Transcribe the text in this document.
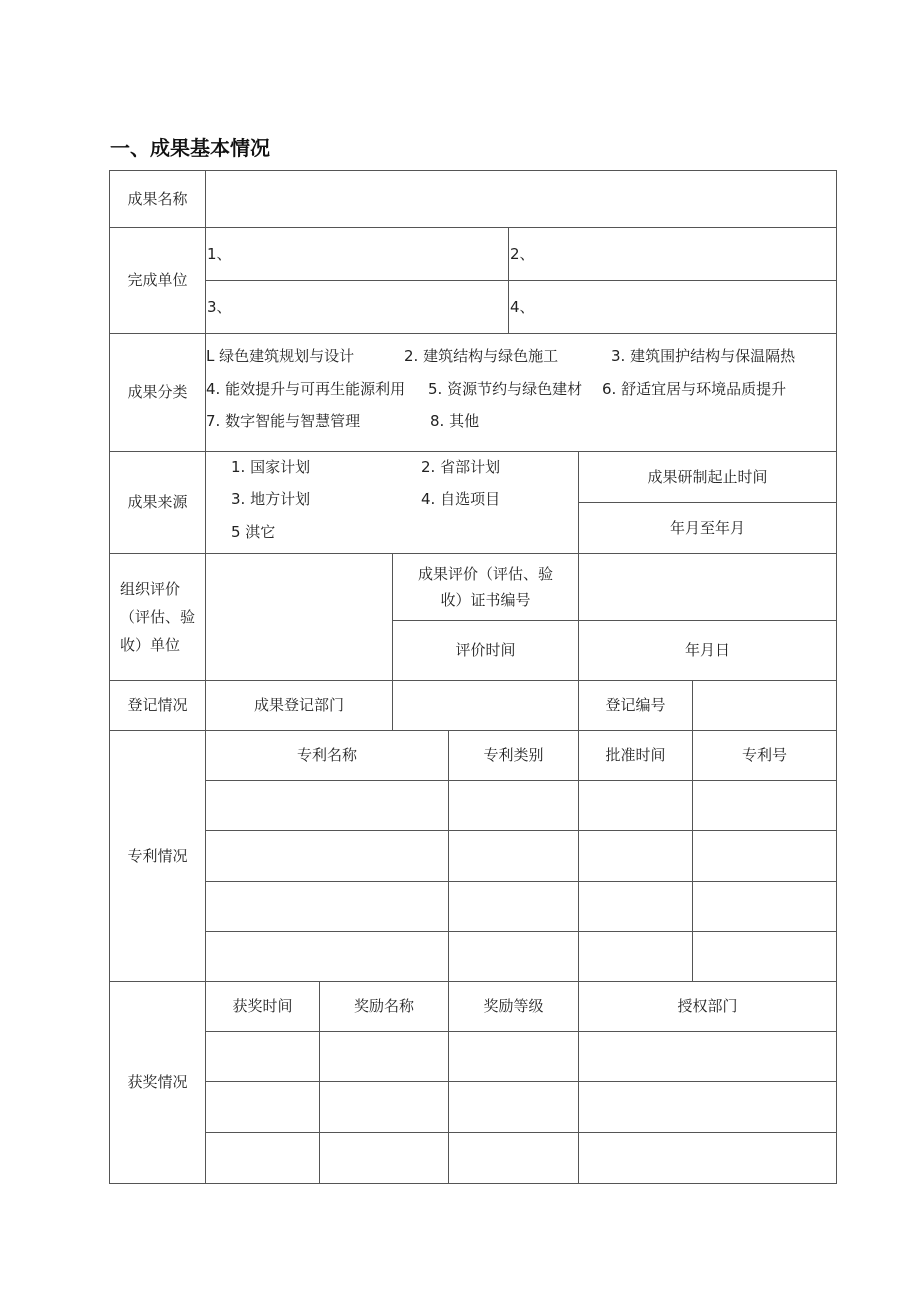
一、成果基本情况
成果名称
完成单位
1、	2、
3、	4、
成果分类
L 绿色建筑规划与设计	2. 建筑结构与绿色施工	3. 建筑围护结构与保温隔热
4. 能效提升与可再生能源利用 5. 资源节约与绿色建材 6. 舒适宜居与环境品质提升
7. 数字智能与智慧管理	8. 其他
成果来源
1. 国家计划	2. 省部计划
3. 地方计划	4. 自选项目
5 淇它
成果研制起止时间
年月至年月
组织评价
（评估、验
收）单位
成果评价（评估、验
收）证书编号
评价时间	年月日
登记情况	成果登记部门	登记编号
专利情况
专利名称	专利类别	批准时间	专利号
获奖情况
获奖时间	奖励名称	奖励等级	授权部门
